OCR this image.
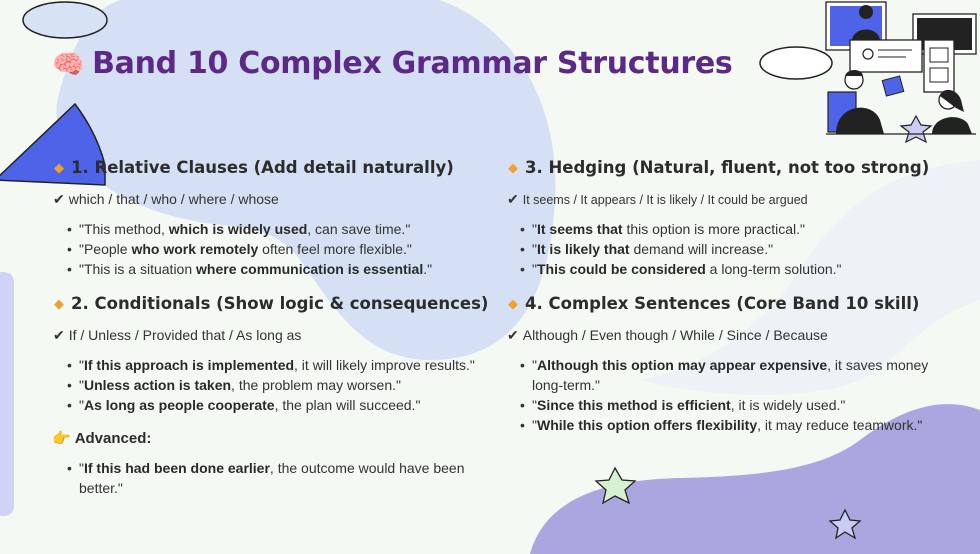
🧠 Band 10 Complex Grammar Structures
◆ 1. Relative Clauses (Add detail naturally)
✔ which / that / who / where / whose
• "This method, which is widely used, can save time."
• "People who work remotely often feel more flexible."
• "This is a situation where communication is essential."
◆ 2. Conditionals (Show logic & consequences)
✔ If / Unless / Provided that / As long as
• "If this approach is implemented, it will likely improve results."
• "Unless action is taken, the problem may worsen."
• "As long as people cooperate, the plan will succeed."
👉 Advanced:
• "If this had been done earlier, the outcome would have been better."
◆ 3. Hedging (Natural, fluent, not too strong)
✔ It seems / It appears / It is likely / It could be argued
• "It seems that this option is more practical."
• "It is likely that demand will increase."
• "This could be considered a long-term solution."
◆ 4. Complex Sentences (Core Band 10 skill)
✔ Although / Even though / While / Since / Because
• "Although this option may appear expensive, it saves money long-term."
• "Since this method is efficient, it is widely used."
• "While this option offers flexibility, it may reduce teamwork."
